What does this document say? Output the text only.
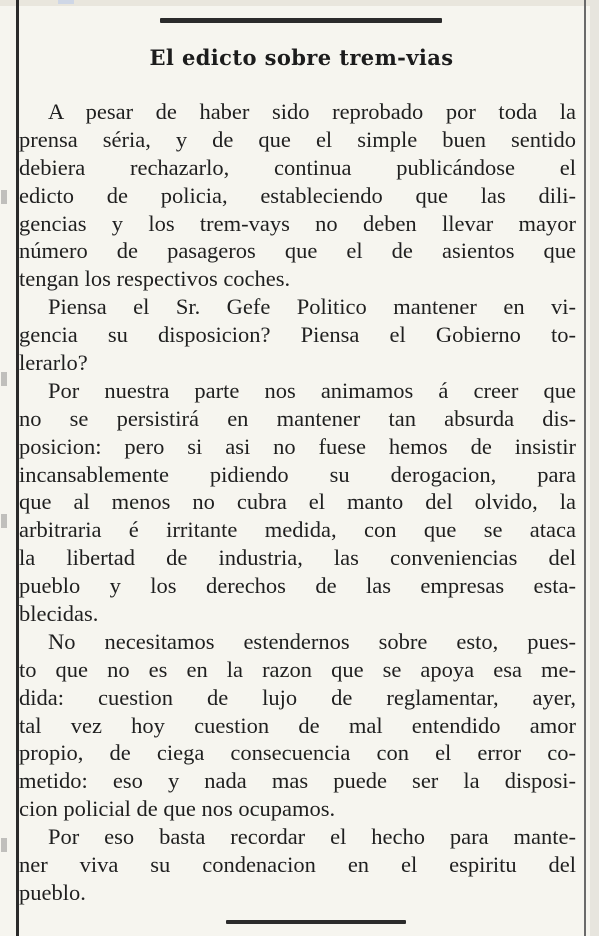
El edicto sobre trem-vias
A pesar de haber sido reprobado por toda la
prensa séria, y de que el simple buen sentido
debiera rechazarlo, continua publicándose el
edicto de policia, estableciendo que las dili-
gencias y los trem-vays no deben llevar mayor
número de pasageros que el de asientos que
tengan los respectivos coches.
Piensa el Sr. Gefe Politico mantener en vi-
gencia su disposicion? Piensa el Gobierno to-
lerarlo?
Por nuestra parte nos animamos á creer que
no se persistirá en mantener tan absurda dis-
posicion: pero si asi no fuese hemos de insistir
incansablemente pidiendo su derogacion, para
que al menos no cubra el manto del olvido, la
arbitraria é irritante medida, con que se ataca
la libertad de industria, las conveniencias del
pueblo y los derechos de las empresas esta-
blecidas.
No necesitamos estendernos sobre esto, pues-
to que no es en la razon que se apoya esa me-
dida: cuestion de lujo de reglamentar, ayer,
tal vez hoy cuestion de mal entendido amor
propio, de ciega consecuencia con el error co-
metido: eso y nada mas puede ser la disposi-
cion policial de que nos ocupamos.
Por eso basta recordar el hecho para mante-
ner viva su condenacion en el espiritu del
pueblo.
